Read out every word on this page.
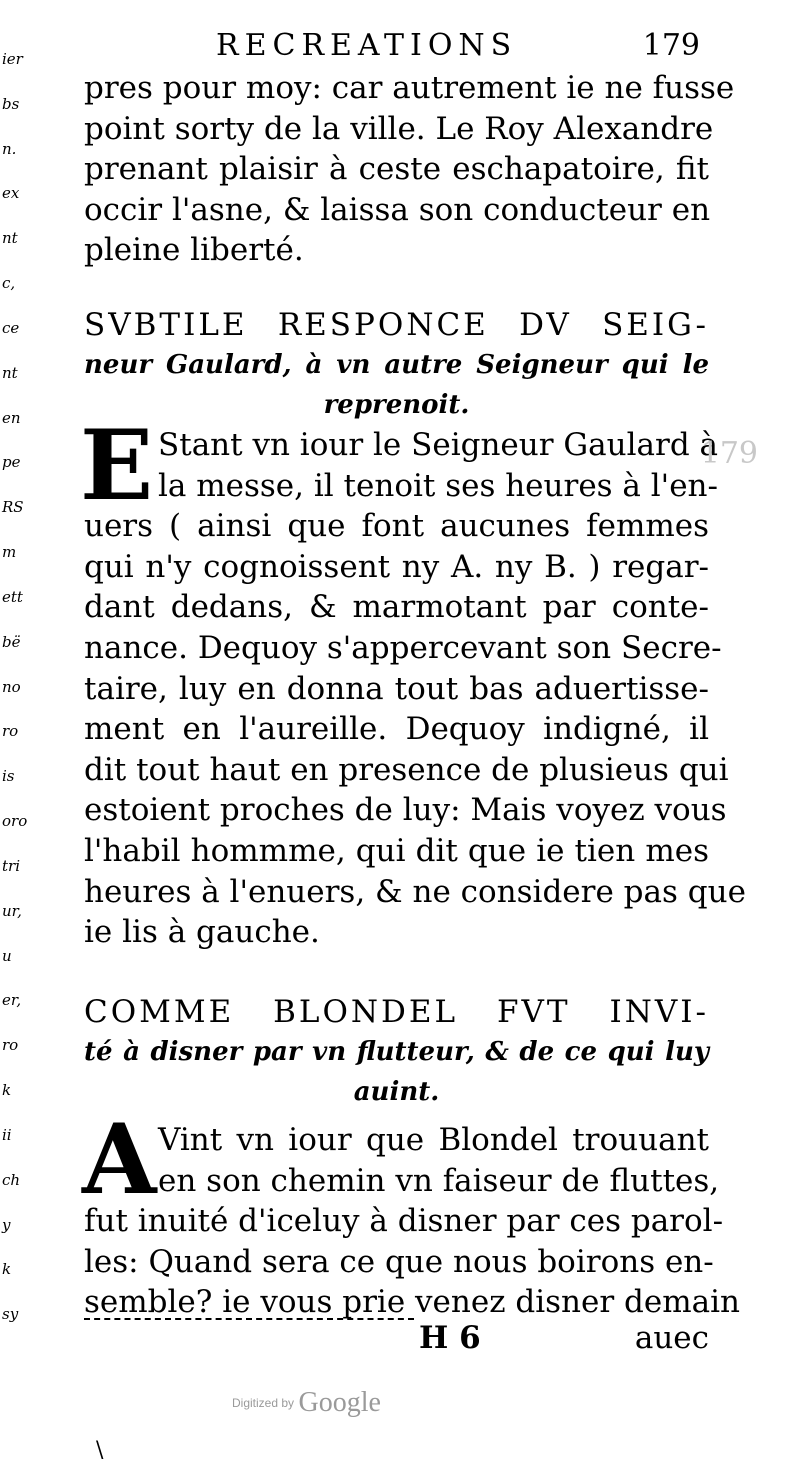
ier
bs
n.
ex
nt
c,
ce
nt
en
pe
RS
m
ett
bë
no
ro
is
oro
tri
ur,
u
er,
ro
k
ii
ch
y
k
sy
RECREATIONS	179
pres pour moy: car autrement ie ne fusse
point sorty de la ville. Le Roy Alexandre
prenant plaisir à ceste eschapatoire, fit
occir l'asne, & laissa son conducteur en
pleine liberté.
SVBTILE RESPONCE DV SEIG-
neur Gaulard, à vn autre Seigneur qui le
reprenoit.
E Stant vn iour le Seigneur Gaulard à
la messe, il tenoit ses heures à l'en-
uers ( ainsi que font aucunes femmes
qui n'y cognoissent ny A. ny B. ) regar-
dant dedans, & marmotant par conte-
nance. Dequoy s'appercevant son Secre-
taire, luy en donna tout bas aduertisse-
ment en l'aureille. Dequoy indigné, il
dit tout haut en presence de plusieus qui
estoient proches de luy: Mais voyez vous
l'habil hommme, qui dit que ie tien mes
heures à l'enuers, & ne considere pas que
ie lis à gauche.
COMME BLONDEL FVT INVI-
té à disner par vn flutteur, & de ce qui luy
auint.
A Vint vn iour que Blondel trouuant
en son chemin vn faiseur de fluttes,
fut inuité d'iceluy à disner par ces parol-
les: Quand sera ce que nous boirons en-
semble? ie vous prie venez disner demain
H 6	auec
179
Digitized by Google
\
